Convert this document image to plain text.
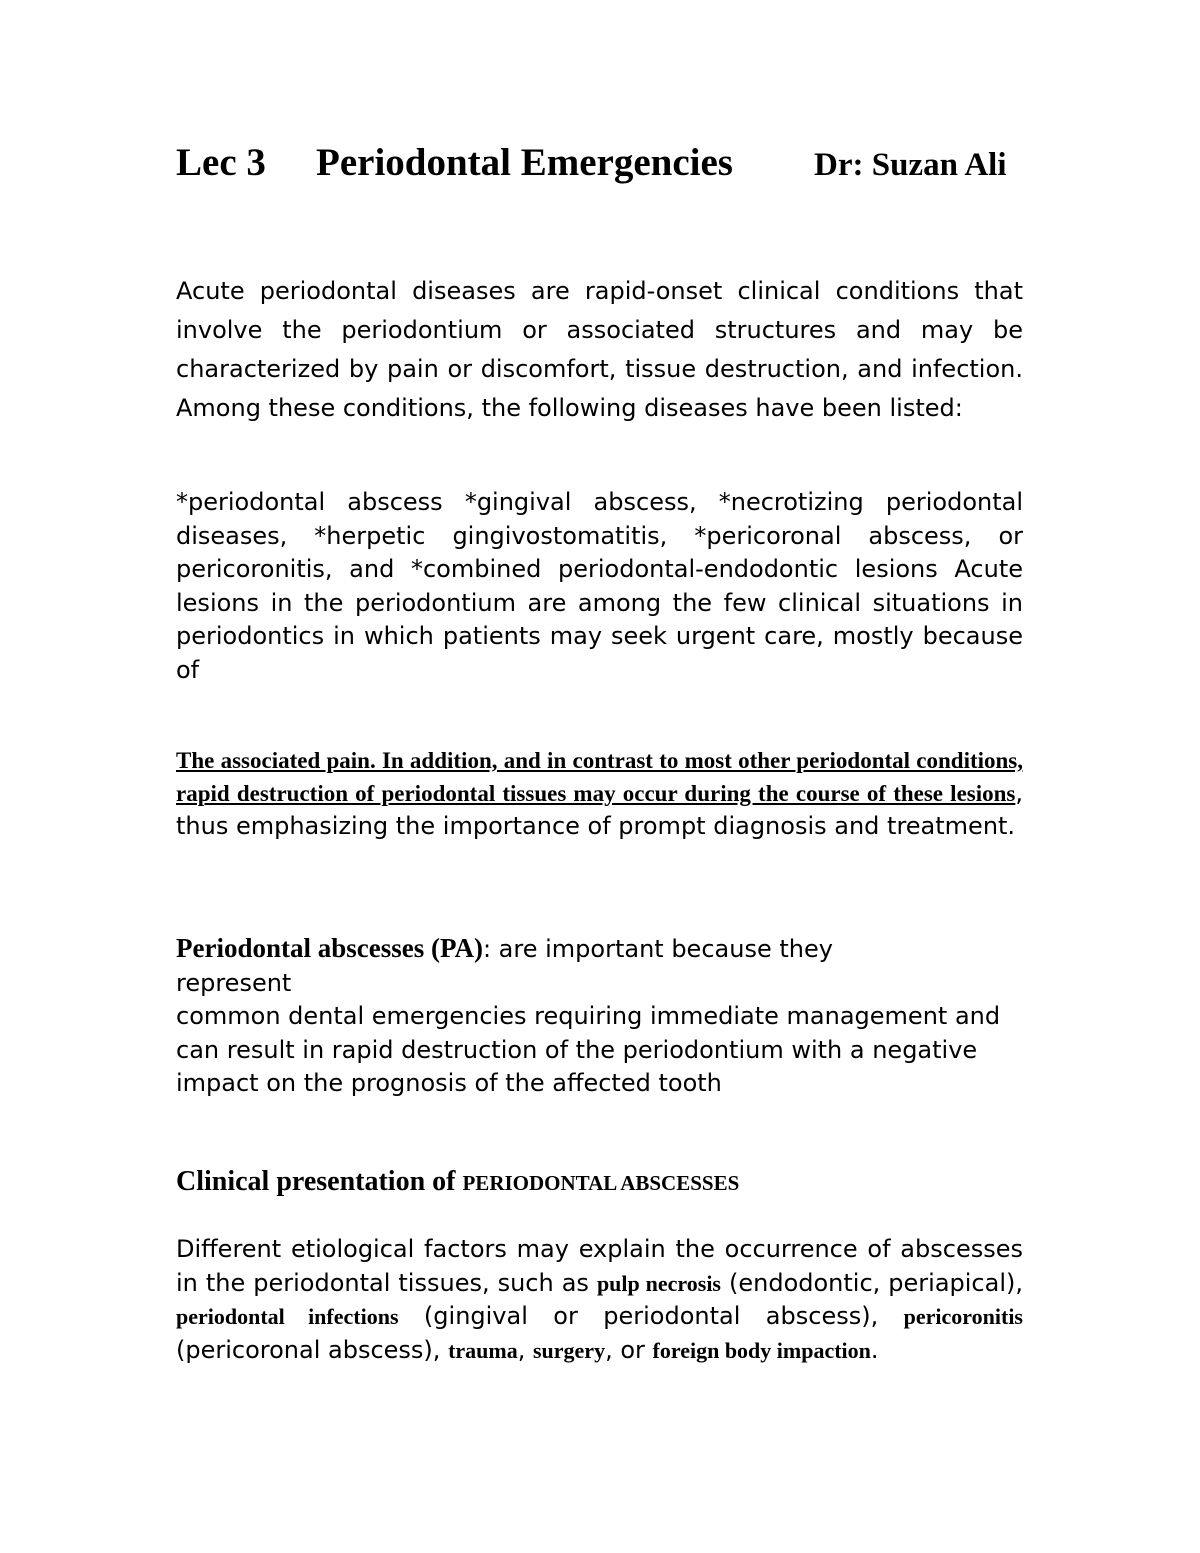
Lec 3 Periodontal Emergencies Dr: Suzan Ali
Acute periodontal diseases are rapid-onset clinical conditions that involve the periodontium or associated structures and may be characterized by pain or discomfort, tissue destruction, and infection. Among these conditions, the following diseases have been listed:
*periodontal abscess *gingival abscess, *necrotizing periodontal diseases, *herpetic gingivostomatitis, *pericoronal abscess, or pericoronitis, and *combined periodontal-endodontic lesions Acute lesions in the periodontium are among the few clinical situations in periodontics in which patients may seek urgent care, mostly because of
The associated pain. In addition, and in contrast to most other periodontal conditions, rapid destruction of periodontal tissues may occur during the course of these lesions, thus emphasizing the importance of prompt diagnosis and treatment.
Periodontal abscesses (PA): are important because they
represent
common dental emergencies requiring immediate management and can result in rapid destruction of the periodontium with a negative impact on the prognosis of the affected tooth
Clinical presentation of PERIODONTAL ABSCESSES
Different etiological factors may explain the occurrence of abscesses in the periodontal tissues, such as pulp necrosis (endodontic, periapical), periodontal infections (gingival or periodontal abscess), pericoronitis (pericoronal abscess), trauma, surgery, or foreign body impaction.
